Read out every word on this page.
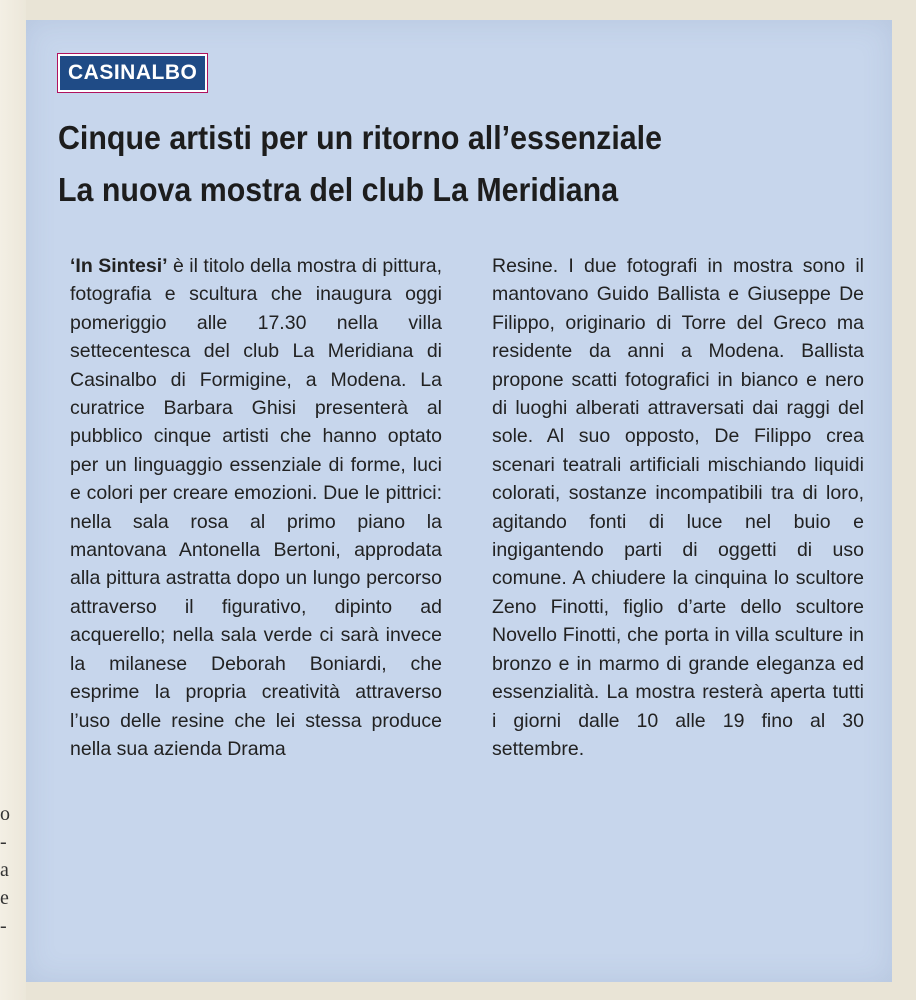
o
-
a
e
-
CASINALBO
Cinque artisti per un ritorno all’essenziale
La nuova mostra del club La Meridiana

‘In Sintesi’ è il titolo della mostra di pittura, fotografia e scultura che inaugura oggi pomeriggio alle 17.30 nella villa settecentesca del club La Meridiana di Casinalbo di Formigine, a Modena. La curatrice Barbara Ghisi presenterà al pubblico cinque artisti che hanno optato per un linguaggio essenziale di forme, luci e colori per creare emozioni. Due le pittrici: nella sala rosa al primo piano la mantovana Antonella Bertoni, approdata alla pittura astratta dopo un lungo percorso attraverso il figurativo, dipinto ad acquerello; nella sala verde ci sarà invece la milanese Deborah Boniardi, che esprime la propria creatività attraverso l’uso delle resine che lei stessa produce nella sua azienda Drama

Resine. I due fotografi in mostra sono il mantovano Guido Ballista e Giuseppe De Filippo, originario di Torre del Greco ma residente da anni a Modena. Ballista propone scatti fotografici in bianco e nero di luoghi alberati attraversati dai raggi del sole. Al suo opposto, De Filippo crea scenari teatrali artificiali mischiando liquidi colorati, sostanze incompatibili tra di loro, agitando fonti di luce nel buio e ingigantendo parti di oggetti di uso comune. A chiudere la cinquina lo scultore Zeno Finotti, figlio d’arte dello scultore Novello Finotti, che porta in villa sculture in bronzo e in marmo di grande eleganza ed essenzialità. La mostra resterà aperta tutti i giorni dalle 10 alle 19 fino al 30 settembre.
